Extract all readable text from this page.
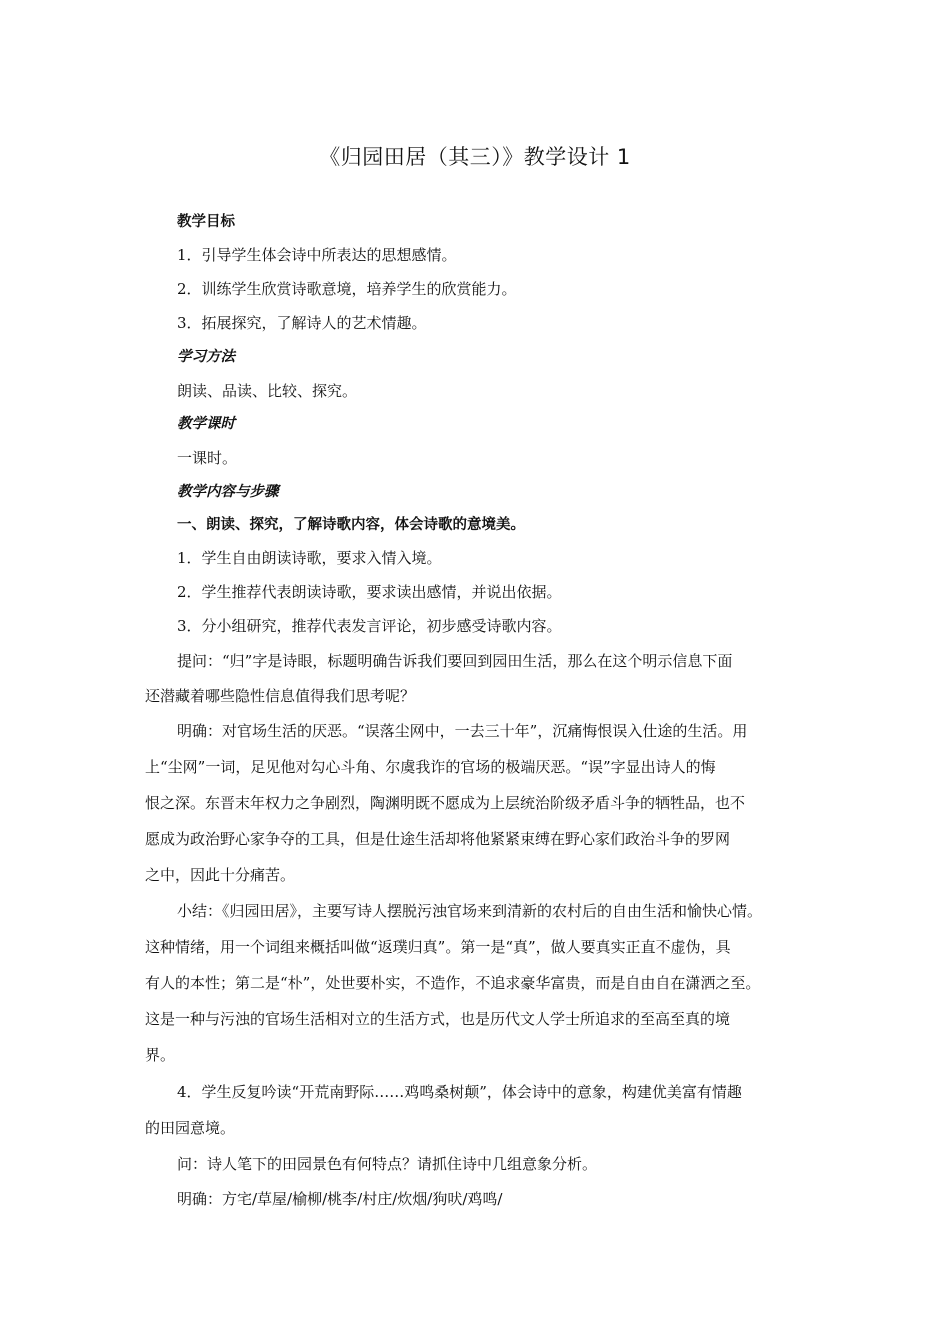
《归园田居（其三）》教学设计 1
教学目标
1．引导学生体会诗中所表达的思想感情。
2．训练学生欣赏诗歌意境，培养学生的欣赏能力。
3．拓展探究，了解诗人的艺术情趣。
学习方法
朗读、品读、比较、探究。
教学课时
一课时。
教学内容与步骤
一、朗读、探究，了解诗歌内容，体会诗歌的意境美。
1．学生自由朗读诗歌，要求入情入境。
2．学生推荐代表朗读诗歌，要求读出感情，并说出依据。
3．分小组研究，推荐代表发言评论，初步感受诗歌内容。
提问：“归”字是诗眼，标题明确告诉我们要回到园田生活，那么在这个明示信息下面
还潜藏着哪些隐性信息值得我们思考呢？
明确：对官场生活的厌恶。“误落尘网中，一去三十年”，沉痛悔恨误入仕途的生活。用
上“尘网”一词，足见他对勾心斗角、尔虞我诈的官场的极端厌恶。“误”字显出诗人的悔
恨之深。东晋末年权力之争剧烈，陶渊明既不愿成为上层统治阶级矛盾斗争的牺牲品，也不
愿成为政治野心家争夺的工具，但是仕途生活却将他紧紧束缚在野心家们政治斗争的罗网
之中，因此十分痛苦。
小结：《归园田居》，主要写诗人摆脱污浊官场来到清新的农村后的自由生活和愉快心情。
这种情绪，用一个词组来概括叫做“返璞归真”。第一是“真”，做人要真实正直不虚伪，具
有人的本性；第二是“朴”，处世要朴实，不造作，不追求豪华富贵，而是自由自在潇洒之至。
这是一种与污浊的官场生活相对立的生活方式，也是历代文人学士所追求的至高至真的境
界。
4．学生反复吟读“开荒南野际……鸡鸣桑树颠”，体会诗中的意象，构建优美富有情趣
的田园意境。
问：诗人笔下的田园景色有何特点？请抓住诗中几组意象分析。
明确：方宅/草屋/榆柳/桃李/村庄/炊烟/狗吠/鸡鸣/
